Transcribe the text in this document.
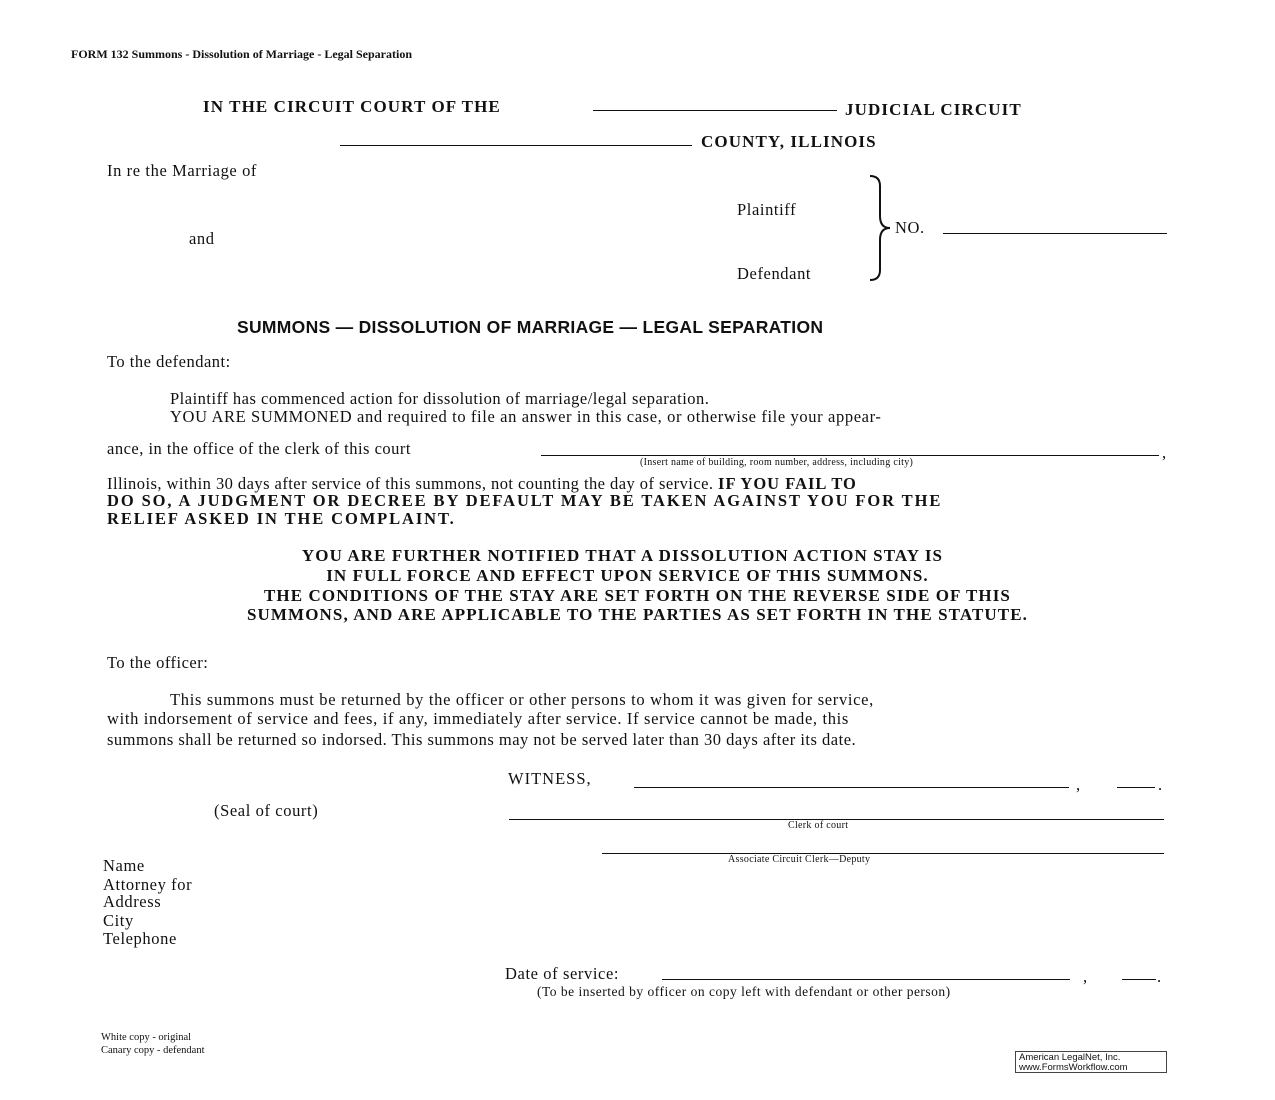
FORM 132 Summons - Dissolution of Marriage - Legal Separation
IN THE CIRCUIT COURT OF THE	JUDICIAL CIRCUIT
COUNTY, ILLINOIS
In re the Marriage of
Plaintiff
and
Defendant
NO.
SUMMONS — DISSOLUTION OF MARRIAGE — LEGAL SEPARATION
To the defendant:
Plaintiff has commenced action for dissolution of marriage/legal separation.
YOU ARE SUMMONED and required to file an answer in this case, or otherwise file your appear-
ance, in the office of the clerk of this court	,
(Insert name of building, room number, address, including city)
Illinois, within 30 days after service of this summons, not counting the day of service. IF YOU FAIL TO
DO SO, A JUDGMENT OR DECREE BY DEFAULT MAY BE TAKEN AGAINST YOU FOR THE
RELIEF ASKED IN THE COMPLAINT.
YOU ARE FURTHER NOTIFIED THAT A DISSOLUTION ACTION STAY IS
IN FULL FORCE AND EFFECT UPON SERVICE OF THIS SUMMONS.
THE CONDITIONS OF THE STAY ARE SET FORTH ON THE REVERSE SIDE OF THIS
SUMMONS, AND ARE APPLICABLE TO THE PARTIES AS SET FORTH IN THE STATUTE.
To the officer:
This summons must be returned by the officer or other persons to whom it was given for service,
with indorsement of service and fees, if any, immediately after service. If service cannot be made, this
summons shall be returned so indorsed. This summons may not be served later than 30 days after its date.
WITNESS,	,	.
(Seal of court)
Clerk of court
Associate Circuit Clerk—Deputy
Name
Attorney for
Address
City
Telephone
Date of service:	,	.
(To be inserted by officer on copy left with defendant or other person)
White copy - original
Canary copy - defendant
American LegalNet, Inc.
www.FormsWorkflow.com
